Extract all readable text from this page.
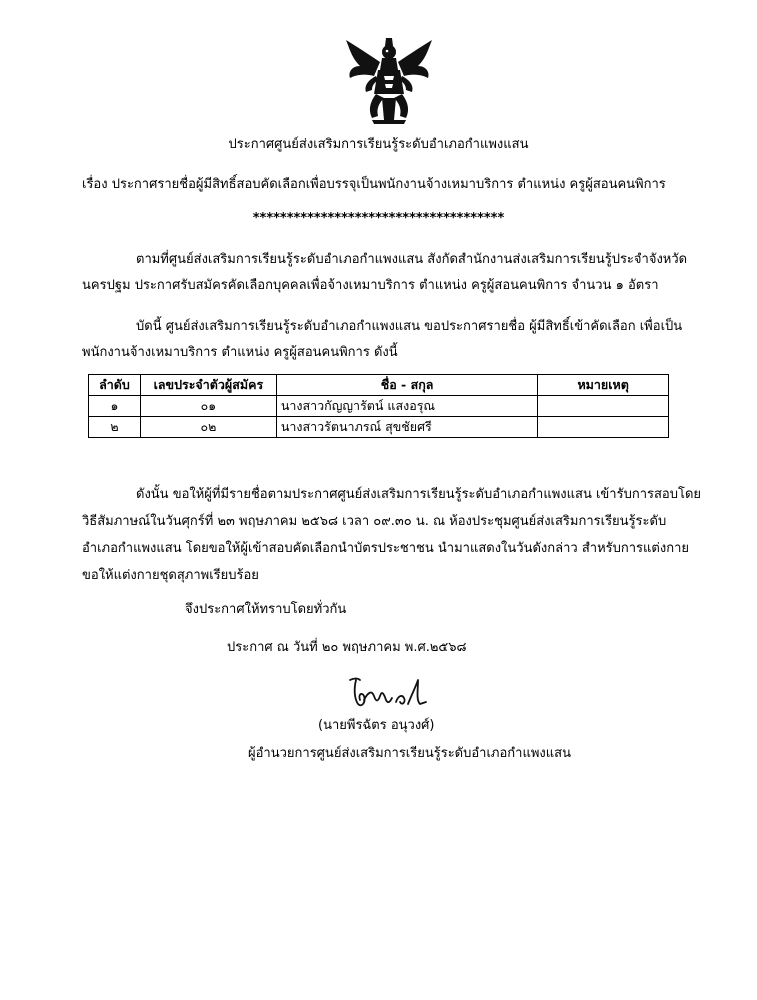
ประกาศศูนย์ส่งเสริมการเรียนรู้ระดับอำเภอกำแพงแสน
เรื่อง ประกาศรายชื่อผู้มีสิทธิ์สอบคัดเลือกเพื่อบรรจุเป็นพนักงานจ้างเหมาบริการ ตำแหน่ง ครูผู้สอนคนพิการ
*************************************
ตามที่ศูนย์ส่งเสริมการเรียนรู้ระดับอำเภอกำแพงแสน สังกัดสำนักงานส่งเสริมการเรียนรู้ประจำจังหวัด
นครปฐม ประกาศรับสมัครคัดเลือกบุคคลเพื่อจ้างเหมาบริการ ตำแหน่ง ครูผู้สอนคนพิการ จำนวน ๑ อัตรา
บัดนี้ ศูนย์ส่งเสริมการเรียนรู้ระดับอำเภอกำแพงแสน ขอประกาศรายชื่อ ผู้มีสิทธิ์เข้าคัดเลือก เพื่อเป็น
พนักงานจ้างเหมาบริการ ตำแหน่ง ครูผู้สอนคนพิการ ดังนี้
ลำดับ	เลขประจำตัวผู้สมัคร	ชื่อ - สกุล	หมายเหตุ
๑	๐๑	นางสาวกัญญารัตน์ แสงอรุณ	
๒	๐๒	นางสาวรัตนาภรณ์ สุขชัยศรี	
ดังนั้น ขอให้ผู้ที่มีรายชื่อตามประกาศศูนย์ส่งเสริมการเรียนรู้ระดับอำเภอกำแพงแสน เข้ารับการสอบโดย
วิธีสัมภาษณ์ในวันศุกร์ที่ ๒๓ พฤษภาคม ๒๕๖๘ เวลา ๐๙.๓๐ น. ณ ห้องประชุมศูนย์ส่งเสริมการเรียนรู้ระดับ
อำเภอกำแพงแสน โดยขอให้ผู้เข้าสอบคัดเลือกนำบัตรประชาชน นำมาแสดงในวันดังกล่าว สำหรับการแต่งกาย
ขอให้แต่งกายชุดสุภาพเรียบร้อย
จึงประกาศให้ทราบโดยทั่วกัน
ประกาศ ณ วันที่ ๒๐ พฤษภาคม พ.ศ.๒๕๖๘
(นายพีรฉัตร อนุวงศ์)
ผู้อำนวยการศูนย์ส่งเสริมการเรียนรู้ระดับอำเภอกำแพงแสน
